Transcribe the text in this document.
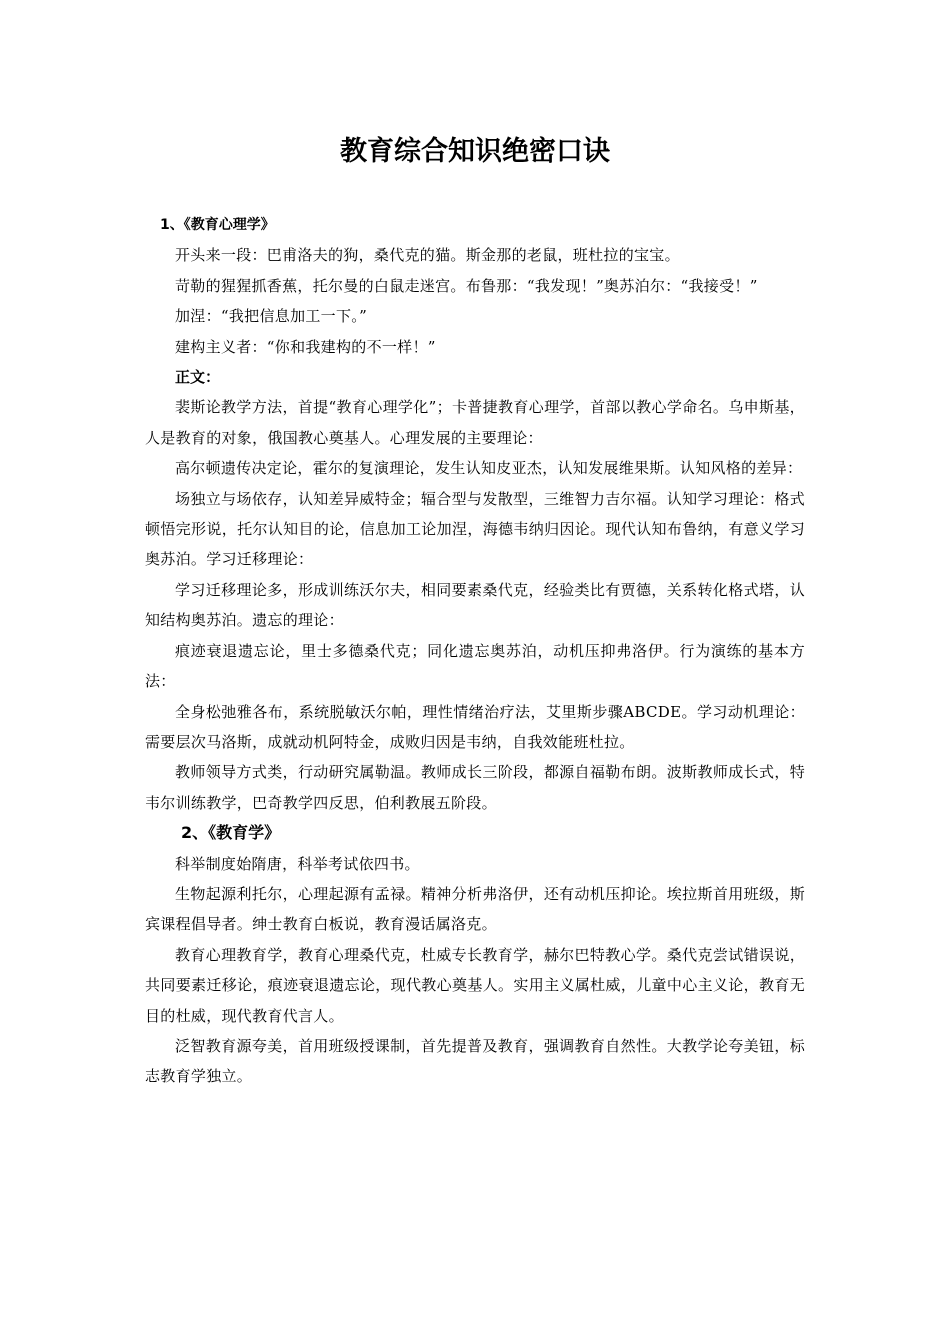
教育综合知识绝密口诀

1、《教育心理学》

开头来一段：巴甫洛夫的狗，桑代克的猫。斯金那的老鼠，班杜拉的宝宝。

苛勒的猩猩抓香蕉，托尔曼的白鼠走迷宫。布鲁那：“我发现！”奥苏泊尔：“我接受！”

加涅：“我把信息加工一下。”

建构主义者：“你和我建构的不一样！”

正文：

裴斯论教学方法，首提“教育心理学化”；卡普捷教育心理学，首部以教心学命名。乌申斯基，人是教育的对象，俄国教心奠基人。心理发展的主要理论：

高尔顿遗传决定论，霍尔的复演理论，发生认知皮亚杰，认知发展维果斯。认知风格的差异：

场独立与场依存，认知差异威特金；辐合型与发散型，三维智力吉尔福。认知学习理论：格式顿悟完形说，托尔认知目的论，信息加工论加涅，海德韦纳归因论。现代认知布鲁纳，有意义学习奥苏泊。学习迁移理论：

学习迁移理论多，形成训练沃尔夫，相同要素桑代克，经验类比有贾德，关系转化格式塔，认知结构奥苏泊。遗忘的理论：

痕迹衰退遗忘论，里士多德桑代克；同化遗忘奥苏泊，动机压抑弗洛伊。行为演练的基本方法：

全身松弛雅各布，系统脱敏沃尔帕，理性情绪治疗法，艾里斯步骤ABCDE。学习动机理论：需要层次马洛斯，成就动机阿特金，成败归因是韦纳，自我效能班杜拉。

教师领导方式类，行动研究属勒温。教师成长三阶段，都源自福勒布朗。波斯教师成长式，特韦尔训练教学，巴奇教学四反思，伯利教展五阶段。

2、《教育学》

科举制度始隋唐，科举考试依四书。

生物起源利托尔，心理起源有孟禄。精神分析弗洛伊，还有动机压抑论。埃拉斯首用班级，斯宾课程倡导者。绅士教育白板说，教育漫话属洛克。

教育心理教育学，教育心理桑代克，杜威专长教育学，赫尔巴特教心学。桑代克尝试错误说，共同要素迁移论，痕迹衰退遗忘论，现代教心奠基人。实用主义属杜威，儿童中心主义论，教育无目的杜威，现代教育代言人。

泛智教育源夸美，首用班级授课制，首先提普及教育，强调教育自然性。大教学论夸美钮，标志教育学独立。
